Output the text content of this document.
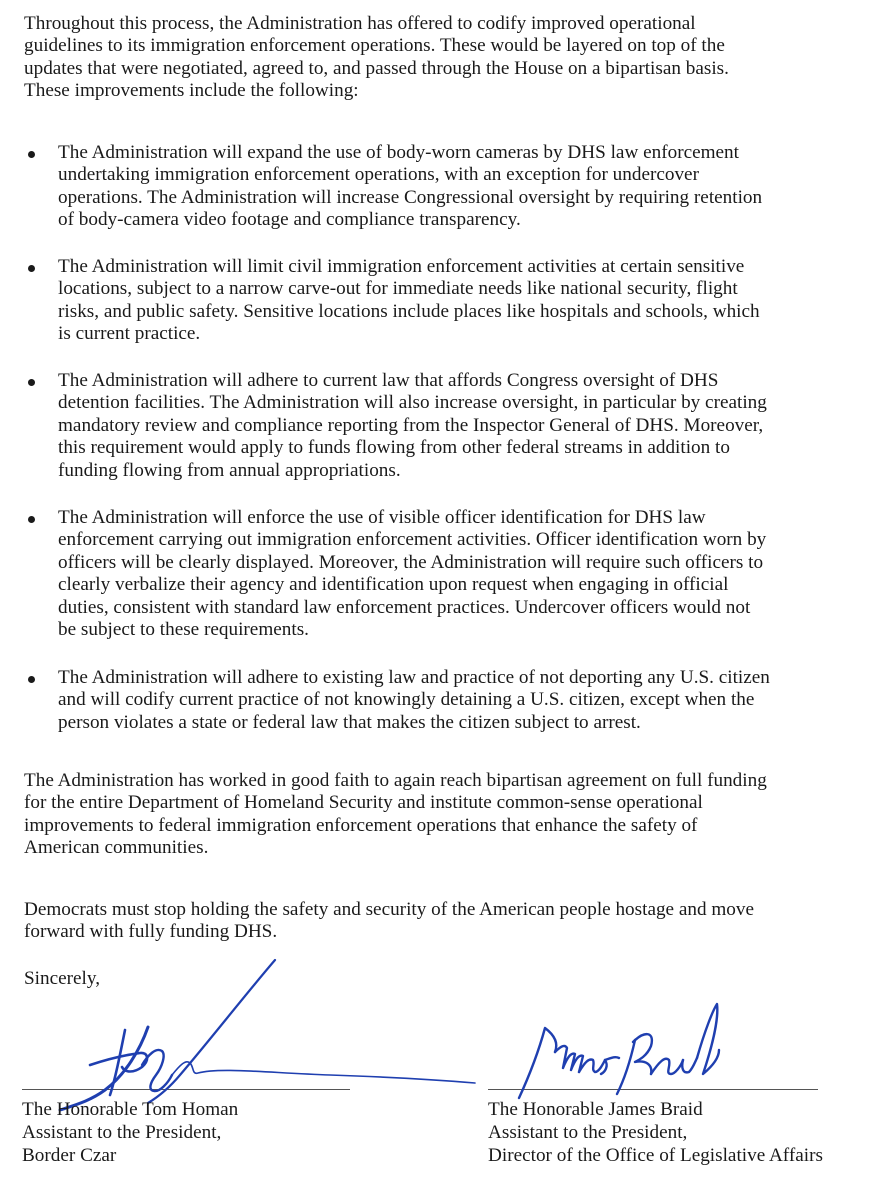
Throughout this process, the Administration has offered to codify improved operational
guidelines to its immigration enforcement operations. These would be layered on top of the
updates that were negotiated, agreed to, and passed through the House on a bipartisan basis.
These improvements include the following:
The Administration will expand the use of body-worn cameras by DHS law enforcement
undertaking immigration enforcement operations, with an exception for undercover
operations. The Administration will increase Congressional oversight by requiring retention
of body-camera video footage and compliance transparency.
The Administration will limit civil immigration enforcement activities at certain sensitive
locations, subject to a narrow carve-out for immediate needs like national security, flight
risks, and public safety. Sensitive locations include places like hospitals and schools, which
is current practice.
The Administration will adhere to current law that affords Congress oversight of DHS
detention facilities. The Administration will also increase oversight, in particular by creating
mandatory review and compliance reporting from the Inspector General of DHS. Moreover,
this requirement would apply to funds flowing from other federal streams in addition to
funding flowing from annual appropriations.
The Administration will enforce the use of visible officer identification for DHS law
enforcement carrying out immigration enforcement activities. Officer identification worn by
officers will be clearly displayed. Moreover, the Administration will require such officers to
clearly verbalize their agency and identification upon request when engaging in official
duties, consistent with standard law enforcement practices. Undercover officers would not
be subject to these requirements.
The Administration will adhere to existing law and practice of not deporting any U.S. citizen
and will codify current practice of not knowingly detaining a U.S. citizen, except when the
person violates a state or federal law that makes the citizen subject to arrest.
The Administration has worked in good faith to again reach bipartisan agreement on full funding
for the entire Department of Homeland Security and institute common-sense operational
improvements to federal immigration enforcement operations that enhance the safety of
American communities.
Democrats must stop holding the safety and security of the American people hostage and move
forward with fully funding DHS.
Sincerely,
The Honorable Tom Homan
Assistant to the President,
Border Czar
The Honorable James Braid
Assistant to the President,
Director of the Office of Legislative Affairs
